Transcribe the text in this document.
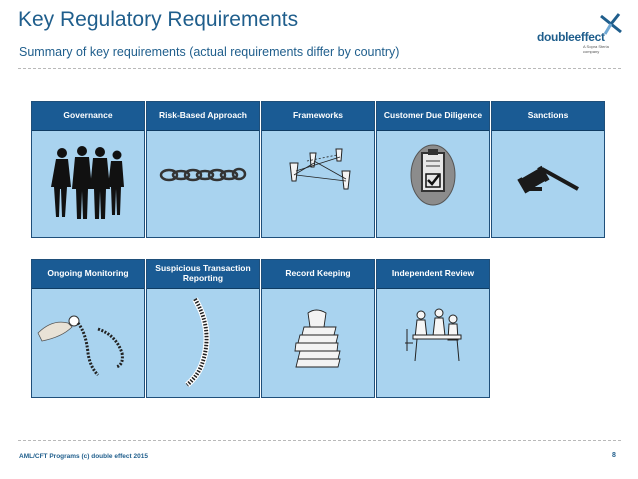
Key Regulatory Requirements
Summary of key requirements (actual requirements differ by country)
doubleeffect
A Sopra Steria company
Governance	Risk-Based Approach	Frameworks	Customer Due Diligence	Sanctions
Ongoing Monitoring	Suspicious Transaction Reporting	Record Keeping	Independent Review
AML/CFT Programs (c) double effect 2015	8
